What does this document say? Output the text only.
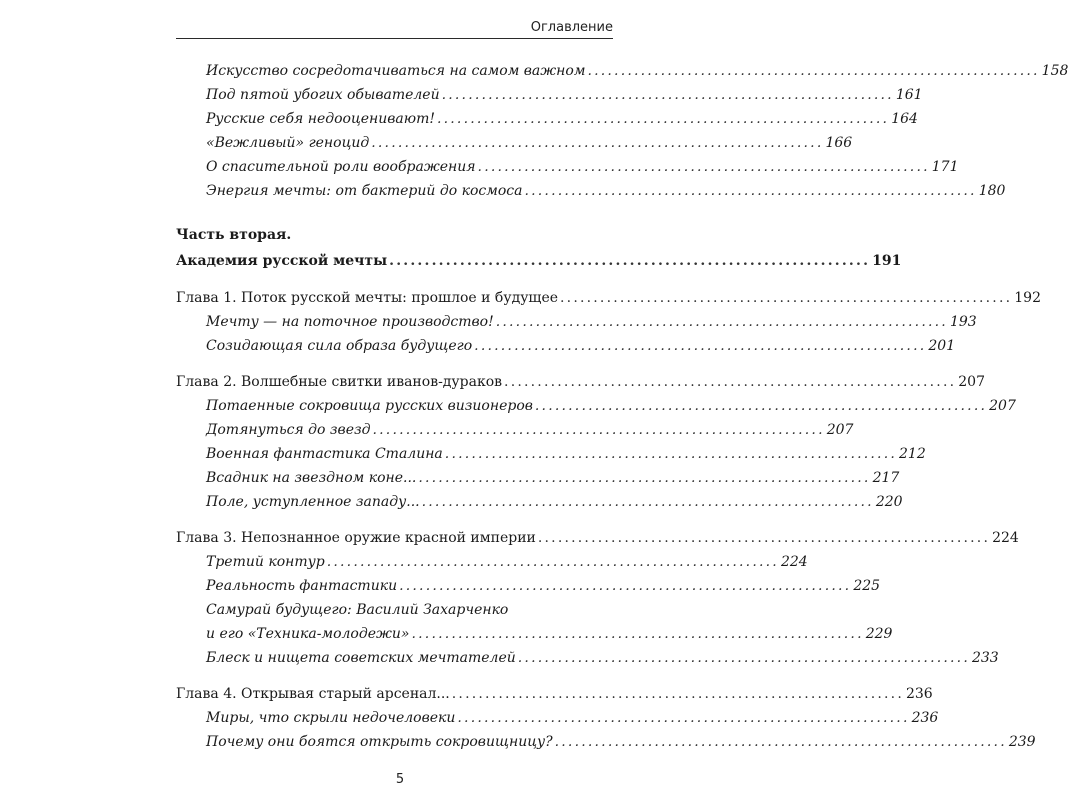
Оглавление
Искусство сосредотачиваться на самом важном .................................................................... 158
Под пятой убогих обывателей .................................................................... 161
Русские себя недооценивают! .................................................................... 164
«Вежливый» геноцид .................................................................... 166
О спасительной роли воображения .................................................................... 171
Энергия мечты: от бактерий до космоса .................................................................... 180
Часть вторая.
Академия русской мечты .................................................................... 191
Глава 1. Поток русской мечты: прошлое и будущее .................................................................... 192
Мечту — на поточное производство! .................................................................... 193
Созидающая сила образа будущего .................................................................... 201
Глава 2. Волшебные свитки иванов-дураков .................................................................... 207
Потаенные сокровища русских визионеров .................................................................... 207
Дотянуться до звезд .................................................................... 207
Военная фантастика Сталина .................................................................... 212
Всадник на звездном коне... .................................................................... 217
Поле, уступленное западу... .................................................................... 220
Глава 3. Непознанное оружие красной империи .................................................................... 224
Третий контур .................................................................... 224
Реальность фантастики .................................................................... 225
Самурай будущего: Василий Захарченко
и его «Техника-молодежи» .................................................................... 229
Блеск и нищета советских мечтателей .................................................................... 233
Глава 4. Открывая старый арсенал... .................................................................... 236
Миры, что скрыли недочеловеки .................................................................... 236
Почему они боятся открыть сокровищницу? .................................................................... 239
5
